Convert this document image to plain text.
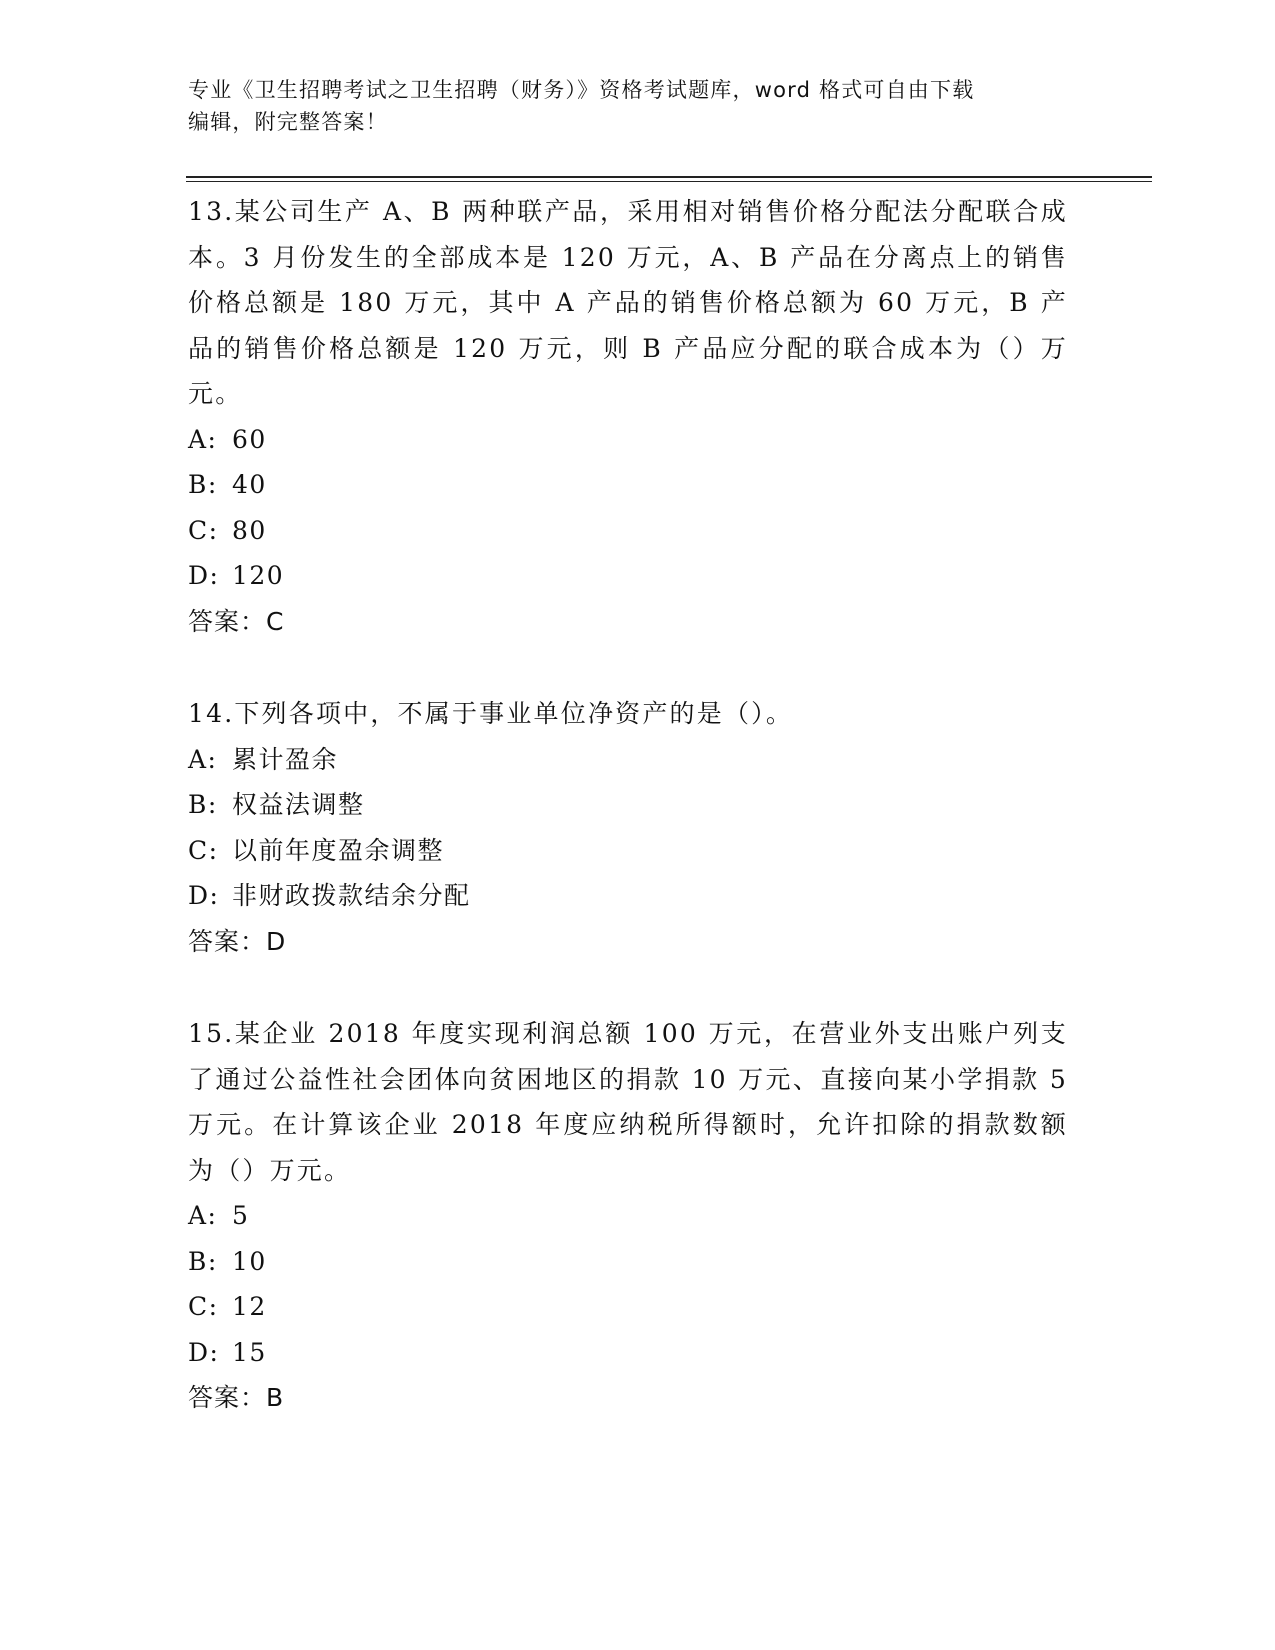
专业《卫生招聘考试之卫生招聘（财务）》资格考试题库，word 格式可自由下载
编辑，附完整答案！
13.某公司生产 A、B 两种联产品，采用相对销售价格分配法分配联合成本。3 月份发生的全部成本是 120 万元，A、B 产品在分离点上的销售价格总额是 180 万元，其中 A 产品的销售价格总额为 60 万元，B 产品的销售价格总额是 120 万元，则 B 产品应分配的联合成本为（）万元。
A: 60
B: 40
C: 80
D: 120
答案：C
14.下列各项中，不属于事业单位净资产的是（）。
A: 累计盈余
B: 权益法调整
C: 以前年度盈余调整
D: 非财政拨款结余分配
答案：D
15.某企业 2018 年度实现利润总额 100 万元，在营业外支出账户列支了通过公益性社会团体向贫困地区的捐款 10 万元、直接向某小学捐款 5 万元。在计算该企业 2018 年度应纳税所得额时，允许扣除的捐款数额为（）万元。
A: 5
B: 10
C: 12
D: 15
答案：B
